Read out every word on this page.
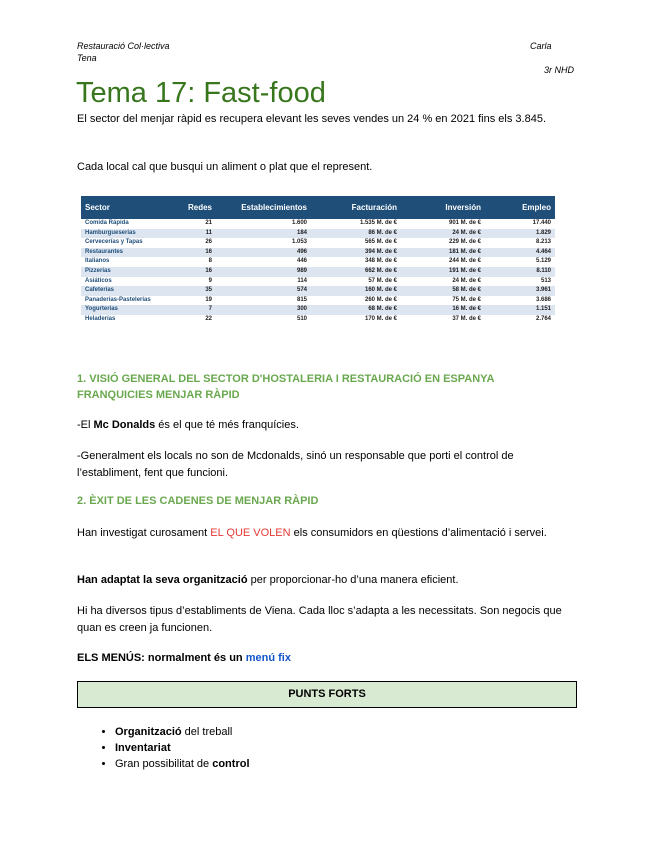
Restauració Col·lectiva
Tena
Carla
3r NHD
Tema 17: Fast-food
El sector del menjar ràpid es recupera elevant les seves vendes un 24 % en 2021 fins els 3.845.
Cada local cal que busqui un aliment o plat que el represent.
Sector	Redes	Establecimientos	Facturación	Inversión	Empleo
Comida Rápida	21	1.600	1.535 M. de €	901 M. de €	17.440
Hamburgueserías	11	184	86 M. de €	24 M. de €	1.829
Cervecerías y Tapas	26	1.053	565 M. de €	229 M. de €	8.213
Restaurantes	16	496	394 M. de €	181 M. de €	4.464
Italianos	8	446	348 M. de €	244 M. de €	5.129
Pizzerías	16	989	662 M. de €	191 M. de €	8.110
Asiáticos	9	114	57 M. de €	24 M. de €	513
Cafeterías	35	574	160 M. de €	58 M. de €	3.961
Panaderías-Pastelerías	19	815	260 M. de €	75 M. de €	3.686
Yogurterías	7	300	68 M. de €	16 M. de €	1.151
Heladerías	22	510	170 M. de €	37 M. de €	2.764
1. VISIÓ GENERAL DEL SECTOR D'HOSTALERIA I RESTAURACIÓ EN ESPANYA FRANQUICIES MENJAR RÀPID
-El Mc Donalds és el que té més franquícies.
-Generalment els locals no son de Mcdonalds, sinó un responsable que porti el control de l’establiment, fent que funcioni.
2. ÈXIT DE LES CADENES DE MENJAR RÀPID
Han investigat curosament EL QUE VOLEN els consumidors en qüestions d’alimentació i servei.
Han adaptat la seva organització per proporcionar-ho d’una manera eficient.
Hi ha diversos tipus d’establiments de Viena. Cada lloc s’adapta a les necessitats. Son negocis que quan es creen ja funcionen.
ELS MENÚS: normalment és un menú fix
PUNTS FORTS
• Organització del treball
• Inventariat
• Gran possibilitat de control
